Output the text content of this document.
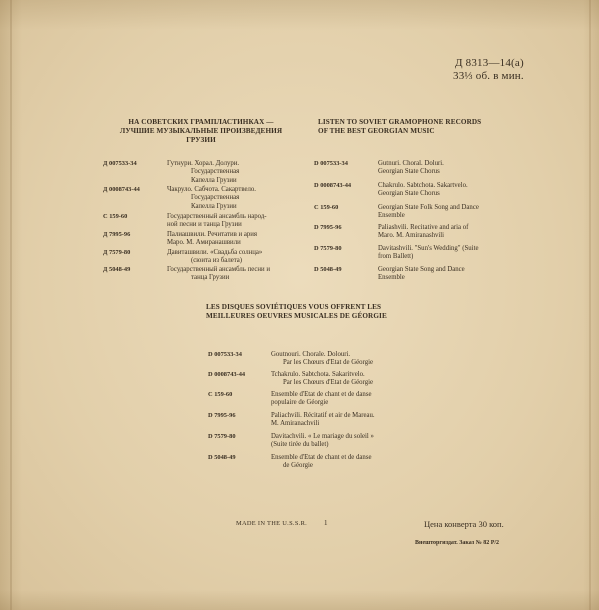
Д 8313—14(а)
33⅓ об. в мин.
НА СОВЕТСКИХ ГРАМПЛАСТИНКАХ —
ЛУЧШИЕ МУЗЫКАЛЬНЫЕ ПРОИЗВЕДЕНИЯ
ГРУЗИИ
LISTEN TO SOVIET GRAMOPHONE RECORDS
OF THE BEST GEORGIAN MUSIC
Д 007533-34	Гутнури. Хорал. Долури.
Государственная
Капелла Грузии
Д 0008743-44	Чакруло. Сабчота. Сакартвело.
Государственная
Капелла Грузии
С 159-60	Государственный ансамбль народ-
ной песни и танца Грузии
Д 7995-96	Палиашвили. Речитатив и ария
Маро. М. Амиранашвили
Д 7579-80	Давиташвили. «Свадьба солнца»
(сюита из балета)
Д 5048-49	Государственный ансамбль песни и
танца Грузии
D 007533-34	Gutnuri. Choral. Doluri.
Georgian State Chorus
D 0008743-44	Chakrulo. Sabtchota. Sakartvelo.
Georgian State Chorus
C 159-60	Georgian State Folk Song and Dance
Ensemble
D 7995-96	Paliashvili. Recitative and aria of
Maro. M. Amiranashvili
D 7579-80	Davitashvili. "Sun's Wedding" (Suite
from Ballett)
D 5048-49	Georgian State Song and Dance
Ensemble
LES DISQUES SOVIÉTIQUES VOUS OFFRENT LES
MEILLEURES OEUVRES MUSICALES DE GÉORGIE
D 007533-34	Goutnouri. Chorale. Dolouri.
Par les Chœurs d'Etat de Géorgie
D 0008743-44	Tchakrulo. Sabtchota. Sakaritvelo.
Par les Chœurs d'Etat de Géorgie
C 159-60	Ensemble d'Etat de chant et de danse
populaire de Géorgie
D 7995-96	Paliachvili. Récitatif et air de Mareau.
M. Amiranachvili
D 7579-80	Davitachvili. « Le mariage du soleil »
(Suite tirée du ballet)
D 5048-49	Ensemble d'Etat de chant et de danse
de Géorgie
MADE IN THE U.S.S.R. 1	Цена конверта 30 коп.
Внешторгиздат. Заказ № 82 Р/2
